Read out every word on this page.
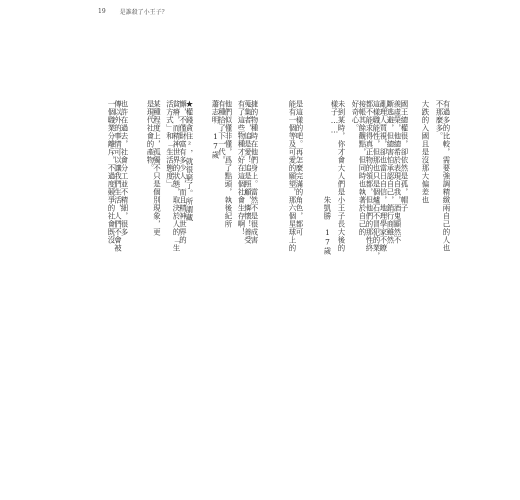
19 是誰殺了小王子？
捷的物種時在他們身上。當然不是很成害
蒐集者，追是愛！追是照顧，憐懷！善受
有了這些物種才好在這個社會生存啊！
他們似懂非懂，爲了點頭，執後紀所
有種拾了下一代。
蕭志明　17歲
★權錢貪住²，就很窮了。所謂藏
懈，不僅財富有多少人，而且精神世界的
貧瘠，而精神世界的狀態，取決於人的「生
活方式」和「生活態度」。
某種程度上，孤獨不只是個別現象，更
是現代社會的產物。
也許在過去，社會分工並不精細，很多
傳以外的事情可以讓我們生活，人們不會被
一個職業分離斥，不過度競爭的社會既沒	有過多的比較，需要強調精緻兩自己的人也
不那麼多。
大跌的入國且是沒那大偏差也
國王總權很，卻依然是孤，帽子
羨虛榮，他總希於表現自我，酒鬼顯然不
斷逃避，但總害怕承認自己，銷行商雖然
亂理人買視，卻也當日自信，地理學家不瞭
這樣職能性，但那也只是個爐石不冒犯的業，
都不能求得真正物的領都，但他們的那性終
接帳其餘觀點，但同時也執著於自己的
好奇心。
未到某時，你才會大人們是小王子長大後的
樣子……
　　　　　　　　　　　　朱凱勝　17歲
是這樣的吧。再怎麼完滿的角色，都可
能有一個等及可愛的願望，那六個星球上的
